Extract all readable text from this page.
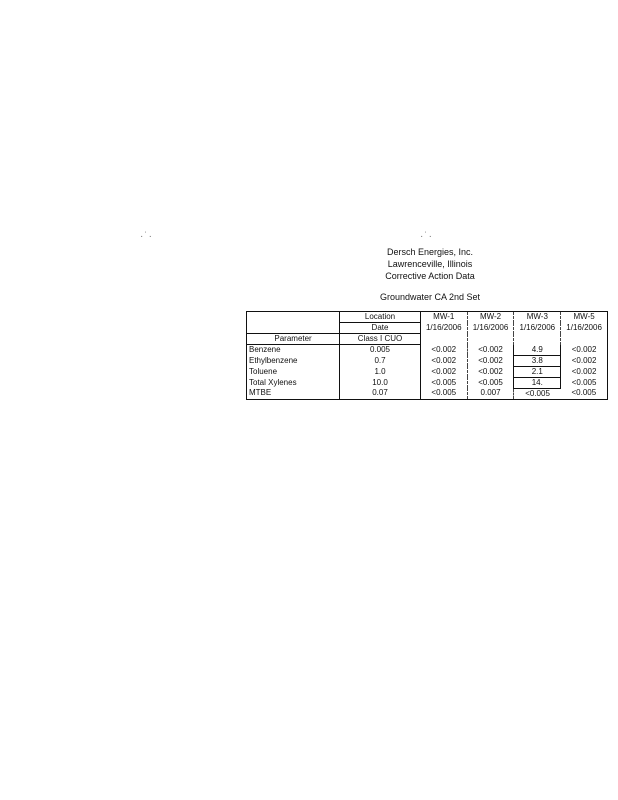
·˙·	·˙·
Dersch Energies, Inc.
Lawrenceville, Illinois
Corrective Action Data
Groundwater CA 2nd Set
	Location	MW-1	MW-2	MW-3	MW-5
	Date	1/16/2006	1/16/2006	1/16/2006	1/16/2006
Parameter	Class I CUO				
Benzene	0.005	<0.002	<0.002	4.9	<0.002
Ethylbenzene	0.7	<0.002	<0.002	3.8	<0.002
Toluene	1.0	<0.002	<0.002	2.1	<0.002
Total Xylenes	10.0	<0.005	<0.005	14.	<0.005
MTBE	0.07	<0.005	0.007	<0.005	<0.005
